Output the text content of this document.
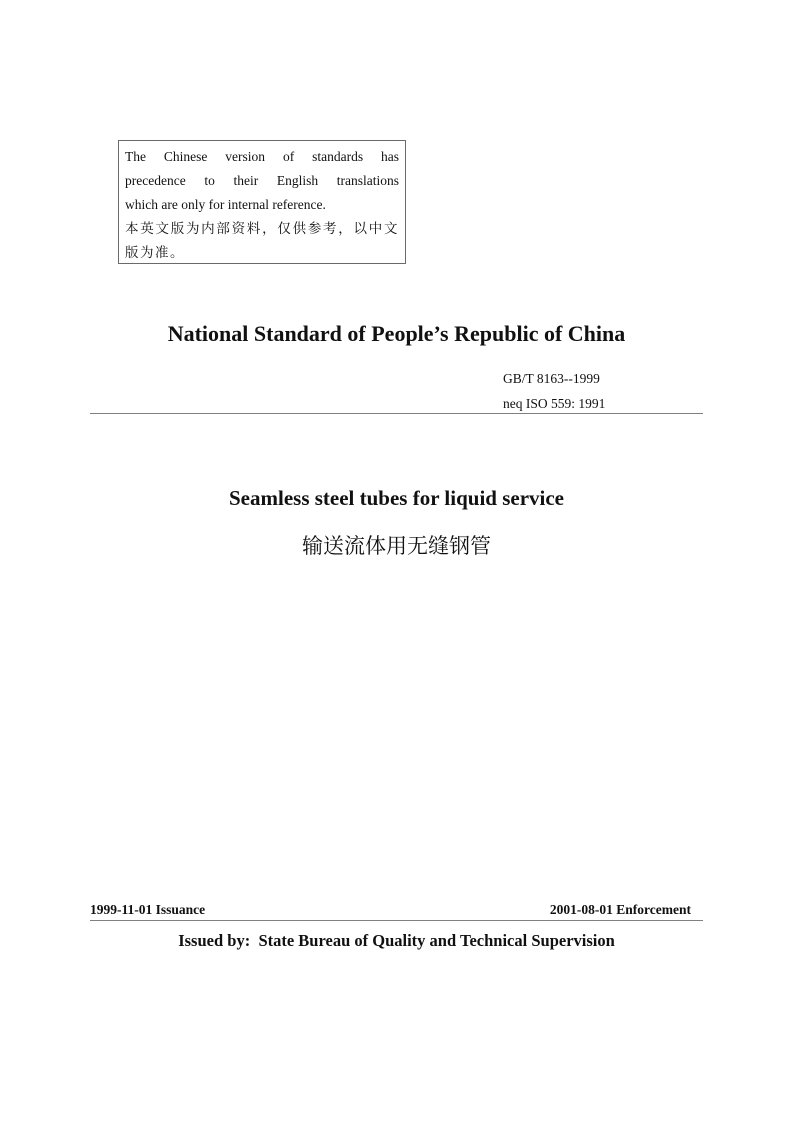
The Chinese version of standards has
precedence to their English translations
which are only for internal reference.
本英文版为内部资料，仅供参考，以中文版为准。
National Standard of People’s Republic of China
GB/T 8163--1999
neq ISO 559: 1991
Seamless steel tubes for liquid service
输送流体用无缝钢管
1999-11-01 Issuance	2001-08-01 Enforcement
Issued by:  State Bureau of Quality and Technical Supervision
